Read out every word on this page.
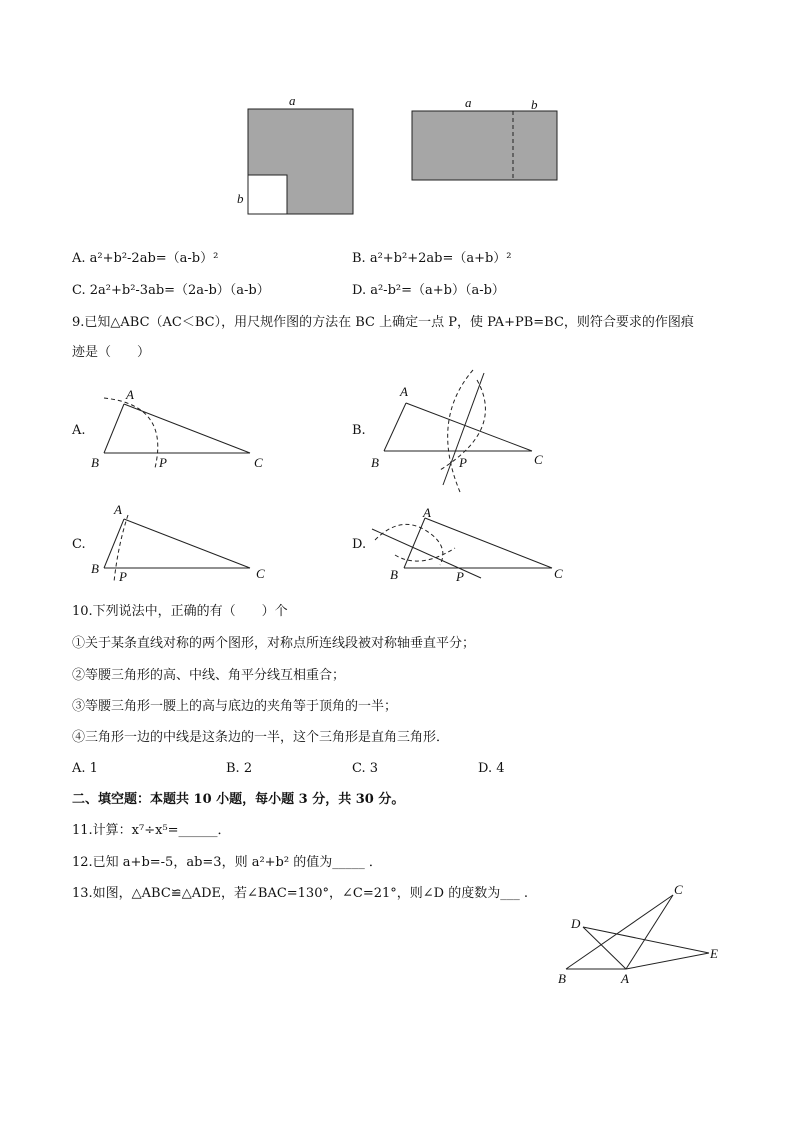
a
b
a	b
A. a²+b²-2ab=（a-b）²	B. a²+b²+2ab=（a+b）²
C. 2a²+b²-3ab=（2a-b）（a-b）	D. a²-b²=（a+b）（a-b）
9.已知△ABC（AC＜BC），用尺规作图的方法在 BC 上确定一点 P，使 PA+PB=BC，则符合要求的作图痕
迹是（　　）
A.	B.
C.	D.
A
B	P	C
A
B	P	C
A
B
P	C
A
B	P	C
10.下列说法中，正确的有（　　）个
①关于某条直线对称的两个图形，对称点所连线段被对称轴垂直平分；
②等腰三角形的高、中线、角平分线互相重合；
③等腰三角形一腰上的高与底边的夹角等于顶角的一半；
④三角形一边的中线是这条边的一半，这个三角形是直角三角形．
A. 1	B. 2	C. 3	D. 4
二、填空题：本题共 10 小题，每小题 3 分，共 30 分。
11.计算：x⁷÷x⁵=______．
12.已知 a+b=-5，ab=3，则 a²+b² 的值为_____ ．
13.如图，△ABC≌△ADE，若∠BAC=130°，∠C=21°，则∠D 的度数为___ .	C
D
E
B	A
